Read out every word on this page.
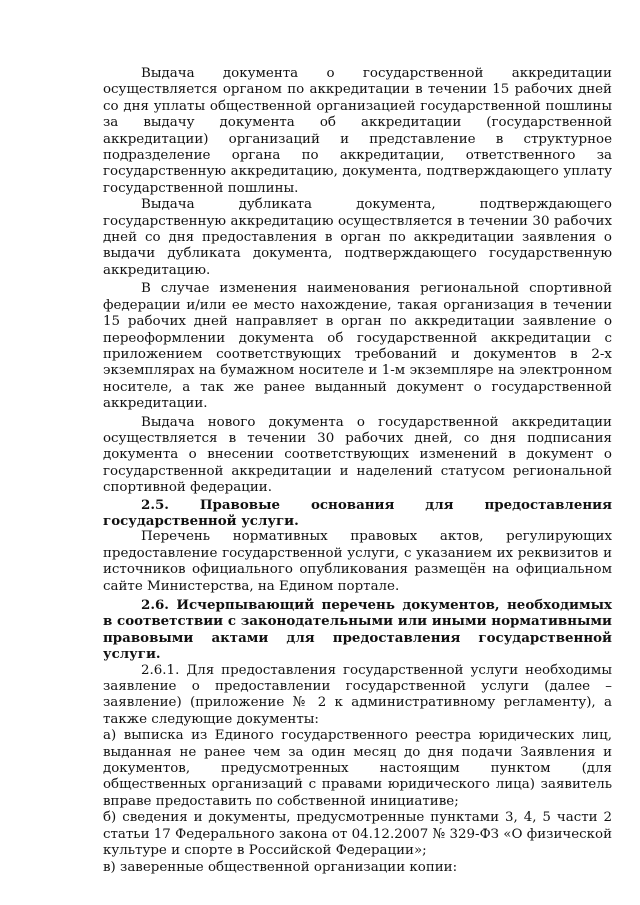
Выдача документа о государственной аккредитации осуществляется органом по аккредитации в течении 15 рабочих дней со дня уплаты общественной организацией государственной пошлины за выдачу документа об аккредитации (государственной аккредитации) организаций и представление в структурное подразделение органа по аккредитации, ответственного за государственную аккредитацию, документа, подтверждающего уплату государственной пошлины.

Выдача дубликата документа, подтверждающего государственную аккредитацию осуществляется в течении 30 рабочих дней со дня предоставления в орган по аккредитации заявления о выдачи дубликата документа, подтверждающего государственную аккредитацию.

В случае изменения наименования региональной спортивной федерации и/или ее место нахождение, такая организация в течении 15 рабочих дней направляет в орган по аккредитации заявление о переоформлении документа об государственной аккредитации с приложением соответствующих требований и документов в 2-х экземплярах на бумажном носителе и 1-м экземпляре на электронном носителе, а так же ранее выданный документ о государственной аккредитации.

Выдача нового документа о государственной аккредитации осуществляется в течении 30 рабочих дней, со дня подписания документа о внесении соответствующих изменений в документ о государственной аккредитации и наделений статусом региональной спортивной федерации.

2.5. Правовые основания для предоставления государственной услуги.

Перечень нормативных правовых актов, регулирующих предоставление государственной услуги, с указанием их реквизитов и источников официального опубликования размещён на официальном сайте Министерства, на Едином портале.

2.6. Исчерпывающий перечень документов, необходимых в соответствии с законодательными или иными нормативными правовыми актами для предоставления государственной услуги.

2.6.1. Для предоставления государственной услуги необходимы заявление о предоставлении государственной услуги (далее – заявление) (приложение № 2 к административному регламенту), а также следующие документы:

а) выписка из Единого государственного реестра юридических лиц, выданная не ранее чем за один месяц до дня подачи Заявления и документов, предусмотренных настоящим пунктом (для общественных организаций с правами юридического лица) заявитель вправе предоставить по собственной инициативе;

б) сведения и документы, предусмотренные пунктами 3, 4, 5 части 2 статьи 17 Федерального закона от 04.12.2007 № 329-ФЗ «О физической культуре и спорте в Российской Федерации»;

в) заверенные общественной организации копии:
